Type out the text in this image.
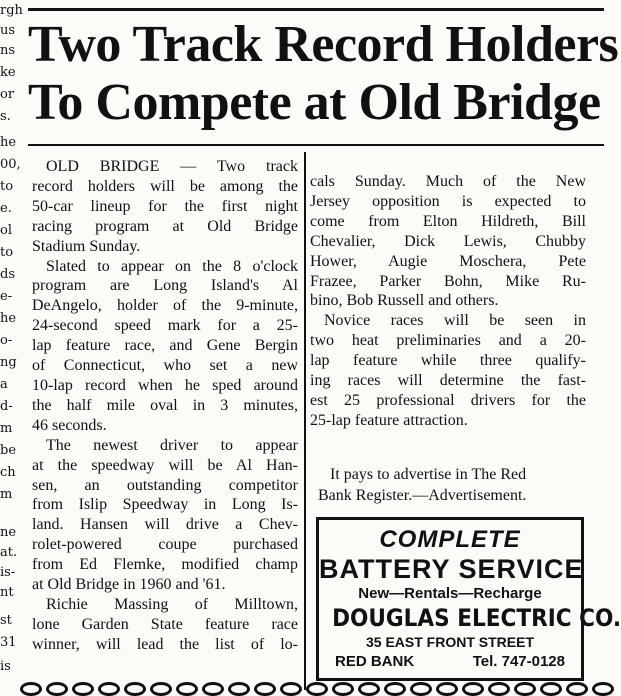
rgh
us
ns
ke
or
s.
he
00,
to
e.
ol
to
ds
e-
he
o-
ng
a
d-
m
be
ch
m
ne
at.
is-
nt
st
31
is
Two Track Record Holders
To Compete at Old Bridge
OLD BRIDGE — Two track
record holders will be among the
50-car lineup for the first night
racing program at Old Bridge
Stadium Sunday.
Slated to appear on the 8 o'clock
program are Long Island's Al
DeAngelo, holder of the 9-minute,
24-second speed mark for a 25-
lap feature race, and Gene Bergin
of Connecticut, who set a new
10-lap record when he sped around
the half mile oval in 3 minutes,
46 seconds.
The newest driver to appear
at the speedway will be Al Han-
sen, an outstanding competitor
from Islip Speedway in Long Is-
land. Hansen will drive a Chev-
rolet-powered coupe purchased
from Ed Flemke, modified champ
at Old Bridge in 1960 and '61.
Richie Massing of Milltown,
lone Garden State feature race
winner, will lead the list of lo-
cals Sunday. Much of the New
Jersey opposition is expected to
come from Elton Hildreth, Bill
Chevalier, Dick Lewis, Chubby
Hower, Augie Moschera, Pete
Frazee, Parker Bohn, Mike Ru-
bino, Bob Russell and others.
Novice races will be seen in
two heat preliminaries and a 20-
lap feature while three qualify-
ing races will determine the fast-
est 25 professional drivers for the
25-lap feature attraction.
It pays to advertise in The Red
Bank Register.—Advertisement.
COMPLETE
BATTERY SERVICE
New—Rentals—Recharge
DOUGLAS ELECTRIC CO.
35 EAST FRONT STREET
RED BANK	Tel. 747-0128
